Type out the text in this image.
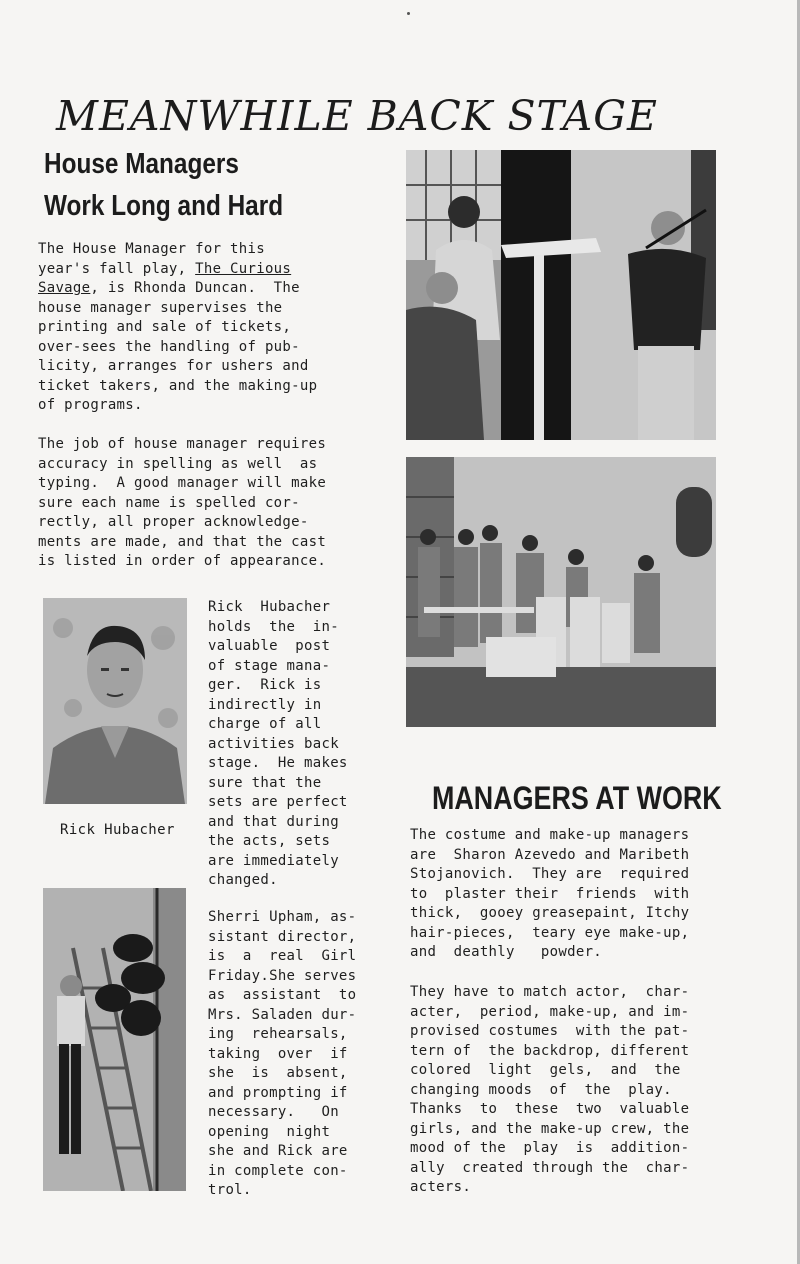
MEANWHILE BACK STAGE
House Managers
Work Long and Hard
The House Manager for this
year's fall play, The Curious
Savage, is Rhonda Duncan.  The
house manager supervises the
printing and sale of tickets,
over-sees the handling of pub-
licity, arranges for ushers and
ticket takers, and the making-up
of programs.
The job of house manager requires
accuracy in spelling as well  as
typing.  A good manager will make
sure each name is spelled cor-
rectly, all proper acknowledge-
ments are made, and that the cast
is listed in order of appearance.
Rick Hubacher
Rick  Hubacher
holds  the  in-
valuable  post
of stage mana-
ger.  Rick is
indirectly in
charge of all
activities back
stage.  He makes
sure that the
sets are perfect
and that during
the acts, sets
are immediately
changed.
Sherri Upham, as-
sistant director,
is  a  real  Girl
Friday.She serves
as  assistant  to
Mrs. Saladen dur-
ing  rehearsals,
taking  over  if
she  is  absent,
and prompting if
necessary.   On
opening  night
she and Rick are
in complete con-
trol.
MANAGERS AT WORK
The costume and make-up managers
are  Sharon Azevedo and Maribeth
Stojanovich.  They are  required
to  plaster their  friends  with
thick,  gooey greasepaint, Itchy
hair-pieces,  teary eye make-up,
and  deathly   powder.
They have to match actor,  char-
acter,  period, make-up, and im-
provised costumes  with the pat-
tern of  the backdrop, different
colored  light  gels,  and  the
changing moods  of  the  play.
Thanks  to  these  two  valuable
girls, and the make-up crew, the
mood of the  play  is  addition-
ally  created through the  char-
acters.
